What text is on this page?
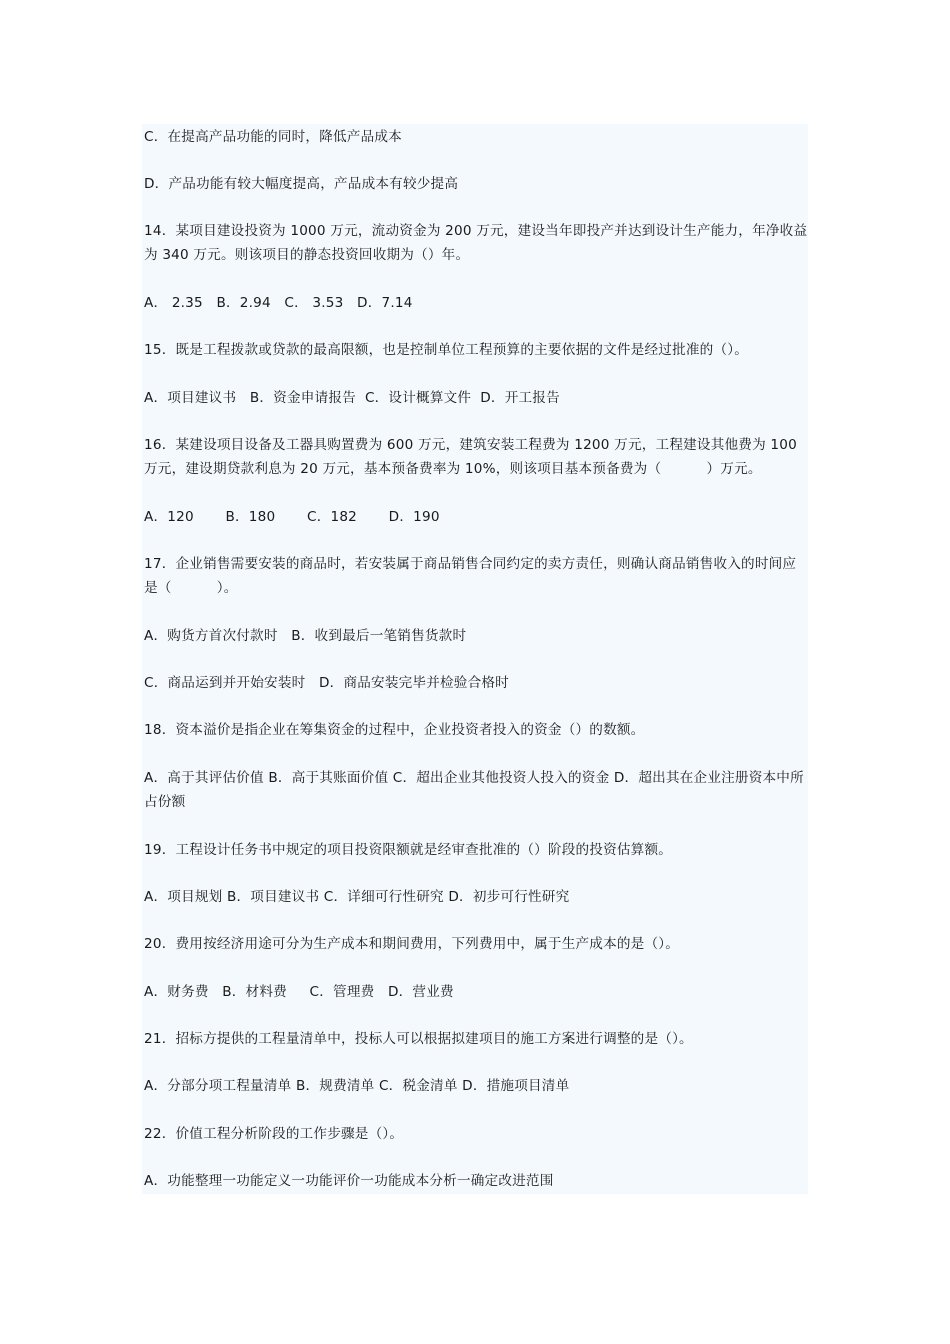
C．在提高产品功能的同时，降低产品成本
D．产品功能有较大幅度提高，产品成本有较少提高
14．某项目建设投资为 1000 万元，流动资金为 200 万元，建设当年即投产并达到设计生产能力，年净收益为 340 万元。则该项目的静态投资回收期为（）年。
A． 2.35   B．2.94   C． 3.53   D．7.14
15．既是工程拨款或贷款的最高限额，也是控制单位工程预算的主要依据的文件是经过批准的（）。
A．项目建议书   B．资金申请报告  C．设计概算文件  D．开工报告
16．某建设项目设备及工器具购置费为 600 万元，建筑安装工程费为 1200 万元，工程建设其他费为 100 万元，建设期贷款利息为 20 万元，基本预备费率为 10%，则该项目基本预备费为（          ）万元。
A．120       B．180       C．182       D．190
17．企业销售需要安装的商品时，若安装属于商品销售合同约定的卖方责任，则确认商品销售收入的时间应是（          ）。
A．购货方首次付款时   B．收到最后一笔销售货款时
C．商品运到并开始安装时   D．商品安装完毕并检验合格时
18．资本溢价是指企业在筹集资金的过程中，企业投资者投入的资金（）的数额。
A．高于其评估价值 B．高于其账面价值 C．超出企业其他投资人投入的资金 D．超出其在企业注册资本中所占份额
19．工程设计任务书中规定的项目投资限额就是经审查批准的（）阶段的投资估算额。
A．项目规划 B．项目建议书 C．详细可行性研究 D．初步可行性研究
20．费用按经济用途可分为生产成本和期间费用，下列费用中，属于生产成本的是（）。
A．财务费   B．材料费     C．管理费   D．营业费
21．招标方提供的工程量清单中，投标人可以根据拟建项目的施工方案进行调整的是（）。
A．分部分项工程量清单 B．规费清单 C．税金清单 D．措施项目清单
22．价值工程分析阶段的工作步骤是（）。
A．功能整理一功能定义一功能评价一功能成本分析一确定改进范围
